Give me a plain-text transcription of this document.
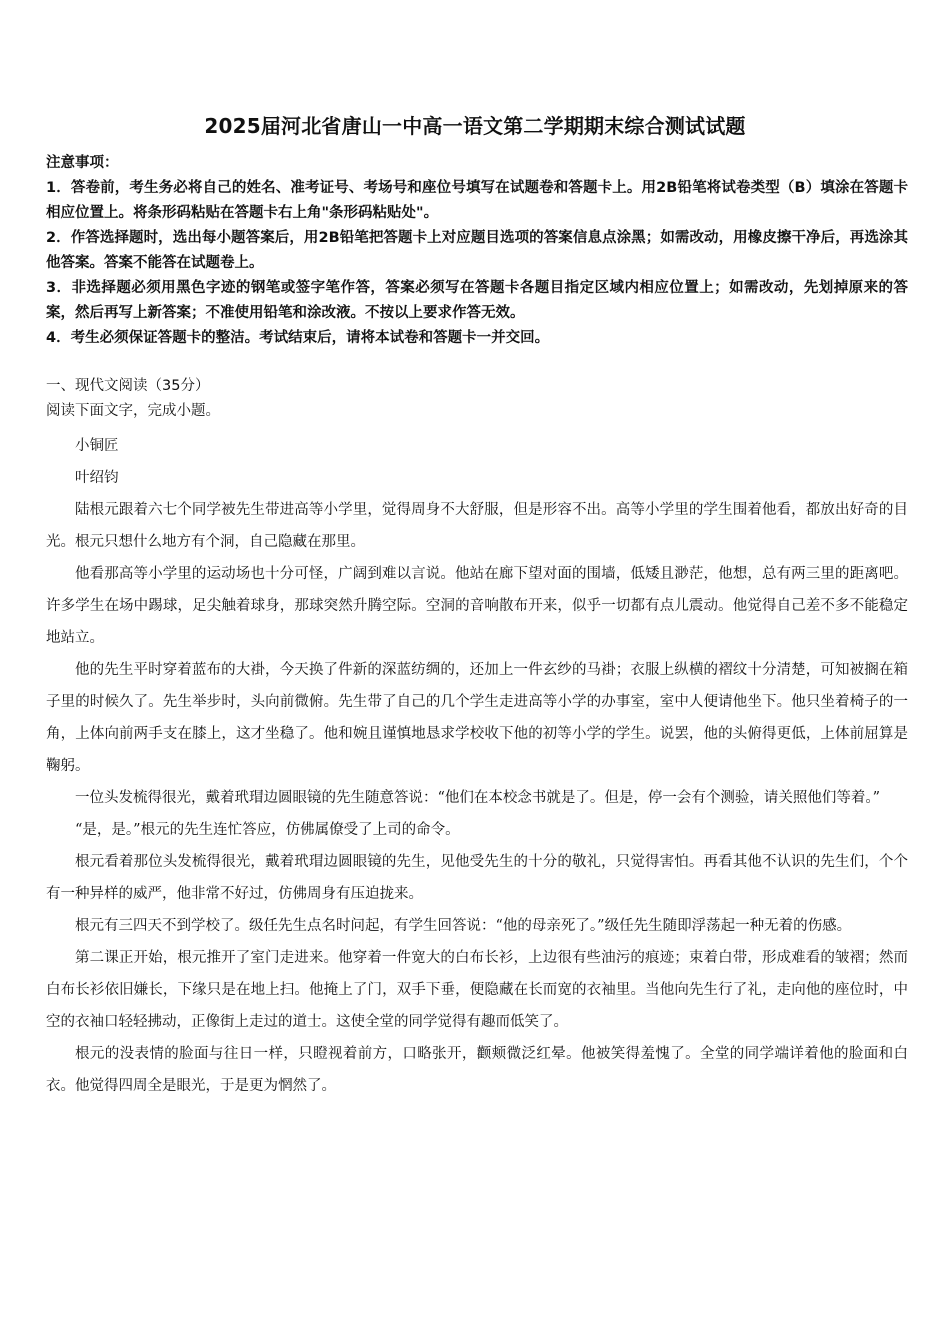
2025届河北省唐山一中高一语文第二学期期末综合测试试题

注意事项：

1．答卷前，考生务必将自己的姓名、准考证号、考场号和座位号填写在试题卷和答题卡上。用2B铅笔将试卷类型（B）填涂在答题卡相应位置上。将条形码粘贴在答题卡右上角"条形码粘贴处"。

2．作答选择题时，选出每小题答案后，用2B铅笔把答题卡上对应题目选项的答案信息点涂黑；如需改动，用橡皮擦干净后，再选涂其他答案。答案不能答在试题卷上。

3．非选择题必须用黑色字迹的钢笔或签字笔作答，答案必须写在答题卡各题目指定区域内相应位置上；如需改动，先划掉原来的答案，然后再写上新答案；不准使用铅笔和涂改液。不按以上要求作答无效。

4．考生必须保证答题卡的整洁。考试结束后，请将本试卷和答题卡一并交回。

一、现代文阅读（35分）

阅读下面文字，完成小题。

小铜匠

叶绍钧

陆根元跟着六七个同学被先生带进高等小学里，觉得周身不大舒服，但是形容不出。高等小学里的学生围着他看，都放出好奇的目光。根元只想什么地方有个洞，自己隐藏在那里。

他看那高等小学里的运动场也十分可怪，广阔到难以言说。他站在廊下望对面的围墙，低矮且渺茫，他想，总有两三里的距离吧。许多学生在场中踢球，足尖触着球身，那球突然升腾空际。空洞的音响散布开来，似乎一切都有点儿震动。他觉得自己差不多不能稳定地站立。

他的先生平时穿着蓝布的大褂，今天换了件新的深蓝纺绸的，还加上一件玄纱的马褂；衣服上纵横的褶纹十分清楚，可知被搁在箱子里的时候久了。先生举步时，头向前微俯。先生带了自己的几个学生走进高等小学的办事室，室中人便请他坐下。他只坐着椅子的一角，上体向前两手支在膝上，这才坐稳了。他和婉且谨慎地恳求学校收下他的初等小学的学生。说罢，他的头俯得更低，上体前屈算是鞠躬。

一位头发梳得很光，戴着玳瑁边圆眼镜的先生随意答说：“他们在本校念书就是了。但是，停一会有个测验，请关照他们等着。”

“是，是。”根元的先生连忙答应，仿佛属僚受了上司的命令。

根元看着那位头发梳得很光，戴着玳瑁边圆眼镜的先生，见他受先生的十分的敬礼，只觉得害怕。再看其他不认识的先生们，个个有一种异样的威严，他非常不好过，仿佛周身有压迫拢来。

根元有三四天不到学校了。级任先生点名时问起，有学生回答说：“他的母亲死了。”级任先生随即浮荡起一种无着的伤感。

第二课正开始，根元推开了室门走进来。他穿着一件宽大的白布长衫，上边很有些油污的痕迹；束着白带，形成难看的皱褶；然而白布长衫依旧嫌长，下缘只是在地上扫。他掩上了门，双手下垂，便隐藏在长而宽的衣袖里。当他向先生行了礼，走向他的座位时，中空的衣袖口轻轻拂动，正像街上走过的道士。这使全堂的同学觉得有趣而低笑了。

根元的没表情的脸面与往日一样，只瞪视着前方，口略张开，颧颊微泛红晕。他被笑得羞愧了。全堂的同学端详着他的脸面和白衣。他觉得四周全是眼光，于是更为惘然了。
